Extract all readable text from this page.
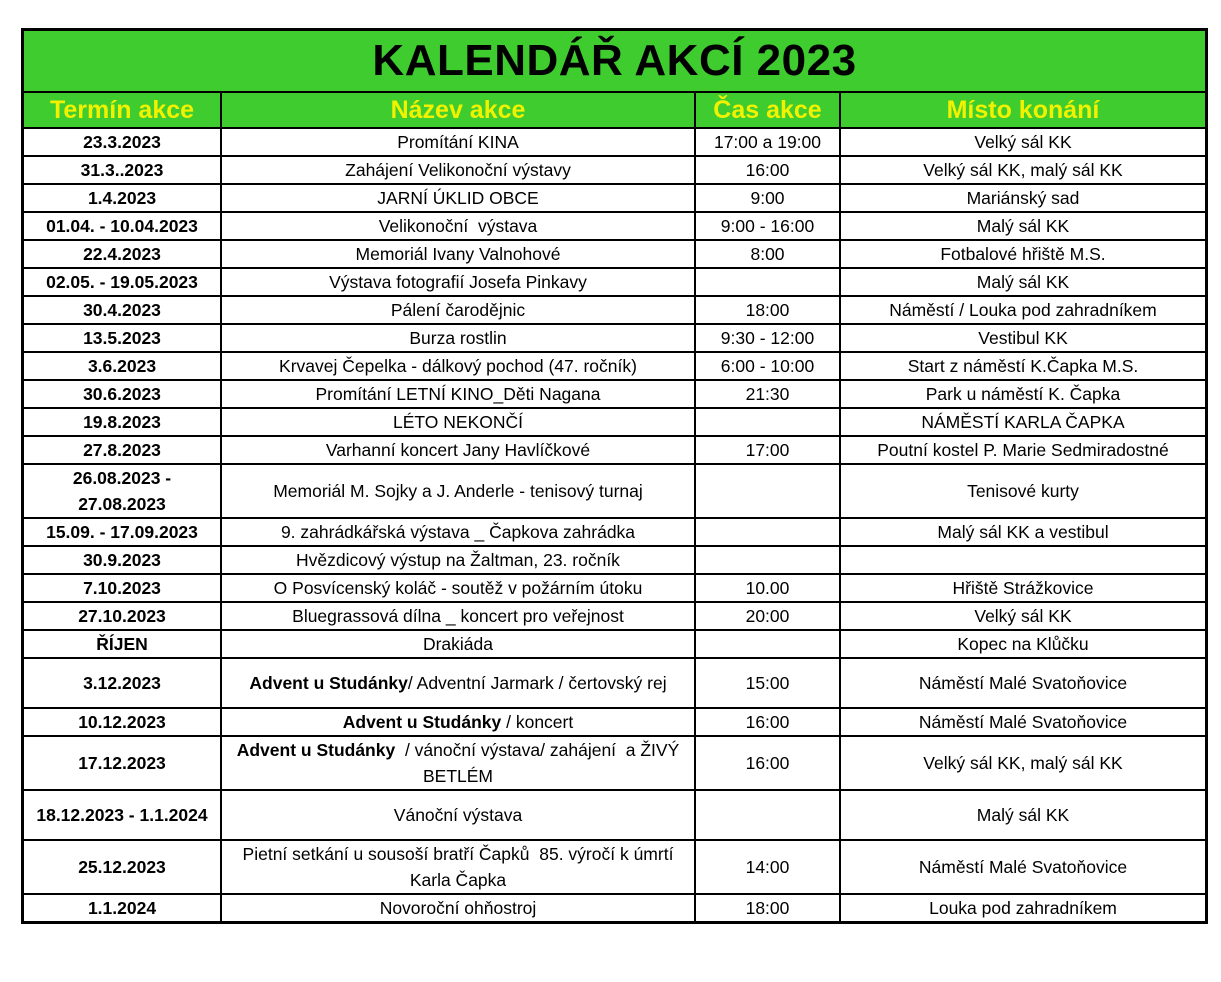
KALENDÁŘ AKCÍ 2023
Termín akce	Název akce	Čas akce	Místo konání
23.3.2023	Promítání KINA	17:00 a 19:00	Velký sál KK
31.3..2023	Zahájení Velikonoční výstavy	16:00	Velký sál KK, malý sál KK
1.4.2023	JARNÍ ÚKLID OBCE	9:00	Mariánský sad
01.04. - 10.04.2023	Velikonoční  výstava	9:00 - 16:00	Malý sál KK
22.4.2023	Memoriál Ivany Valnohové	8:00	Fotbalové hřiště M.S.
02.05. - 19.05.2023	Výstava fotografií Josefa Pinkavy		Malý sál KK
30.4.2023	Pálení čarodějnic	18:00	Náměstí / Louka pod zahradníkem
13.5.2023	Burza rostlin	9:30 - 12:00	Vestibul KK
3.6.2023	Krvavej Čepelka - dálkový pochod (47. ročník)	6:00 - 10:00	Start z náměstí K.Čapka M.S.
30.6.2023	Promítání LETNÍ KINO_Děti Nagana	21:30	Park u náměstí K. Čapka
19.8.2023	LÉTO NEKONČÍ		NÁMĚSTÍ KARLA ČAPKA
27.8.2023	Varhanní koncert Jany Havlíčkové	17:00	Poutní kostel P. Marie Sedmiradostné
26.08.2023 - 27.08.2023	Memoriál M. Sojky a J. Anderle - tenisový turnaj		Tenisové kurty
15.09. - 17.09.2023	9. zahrádkářská výstava _ Čapkova zahrádka		Malý sál KK a vestibul
30.9.2023	Hvězdicový výstup na Žaltman, 23. ročník		
7.10.2023	O Posvícenský koláč - soutěž v požárním útoku	10.00	Hřiště Strážkovice
27.10.2023	Bluegrassová dílna _ koncert pro veřejnost	20:00	Velký sál KK
ŘÍJEN	Drakiáda		Kopec na Klůčku
3.12.2023	Advent u Studánky/ Adventní Jarmark / čertovský rej	15:00	Náměstí Malé Svatoňovice
10.12.2023	Advent u Studánky / koncert	16:00	Náměstí Malé Svatoňovice
17.12.2023	Advent u Studánky  / vánoční výstava/ zahájení  a ŽIVÝ BETLÉM	16:00	Velký sál KK, malý sál KK
18.12.2023 - 1.1.2024	Vánoční výstava		Malý sál KK
25.12.2023	Pietní setkání u sousoší bratří Čapků  85. výročí k úmrtí Karla Čapka	14:00	Náměstí Malé Svatoňovice
1.1.2024	Novoroční ohňostroj	18:00	Louka pod zahradníkem
